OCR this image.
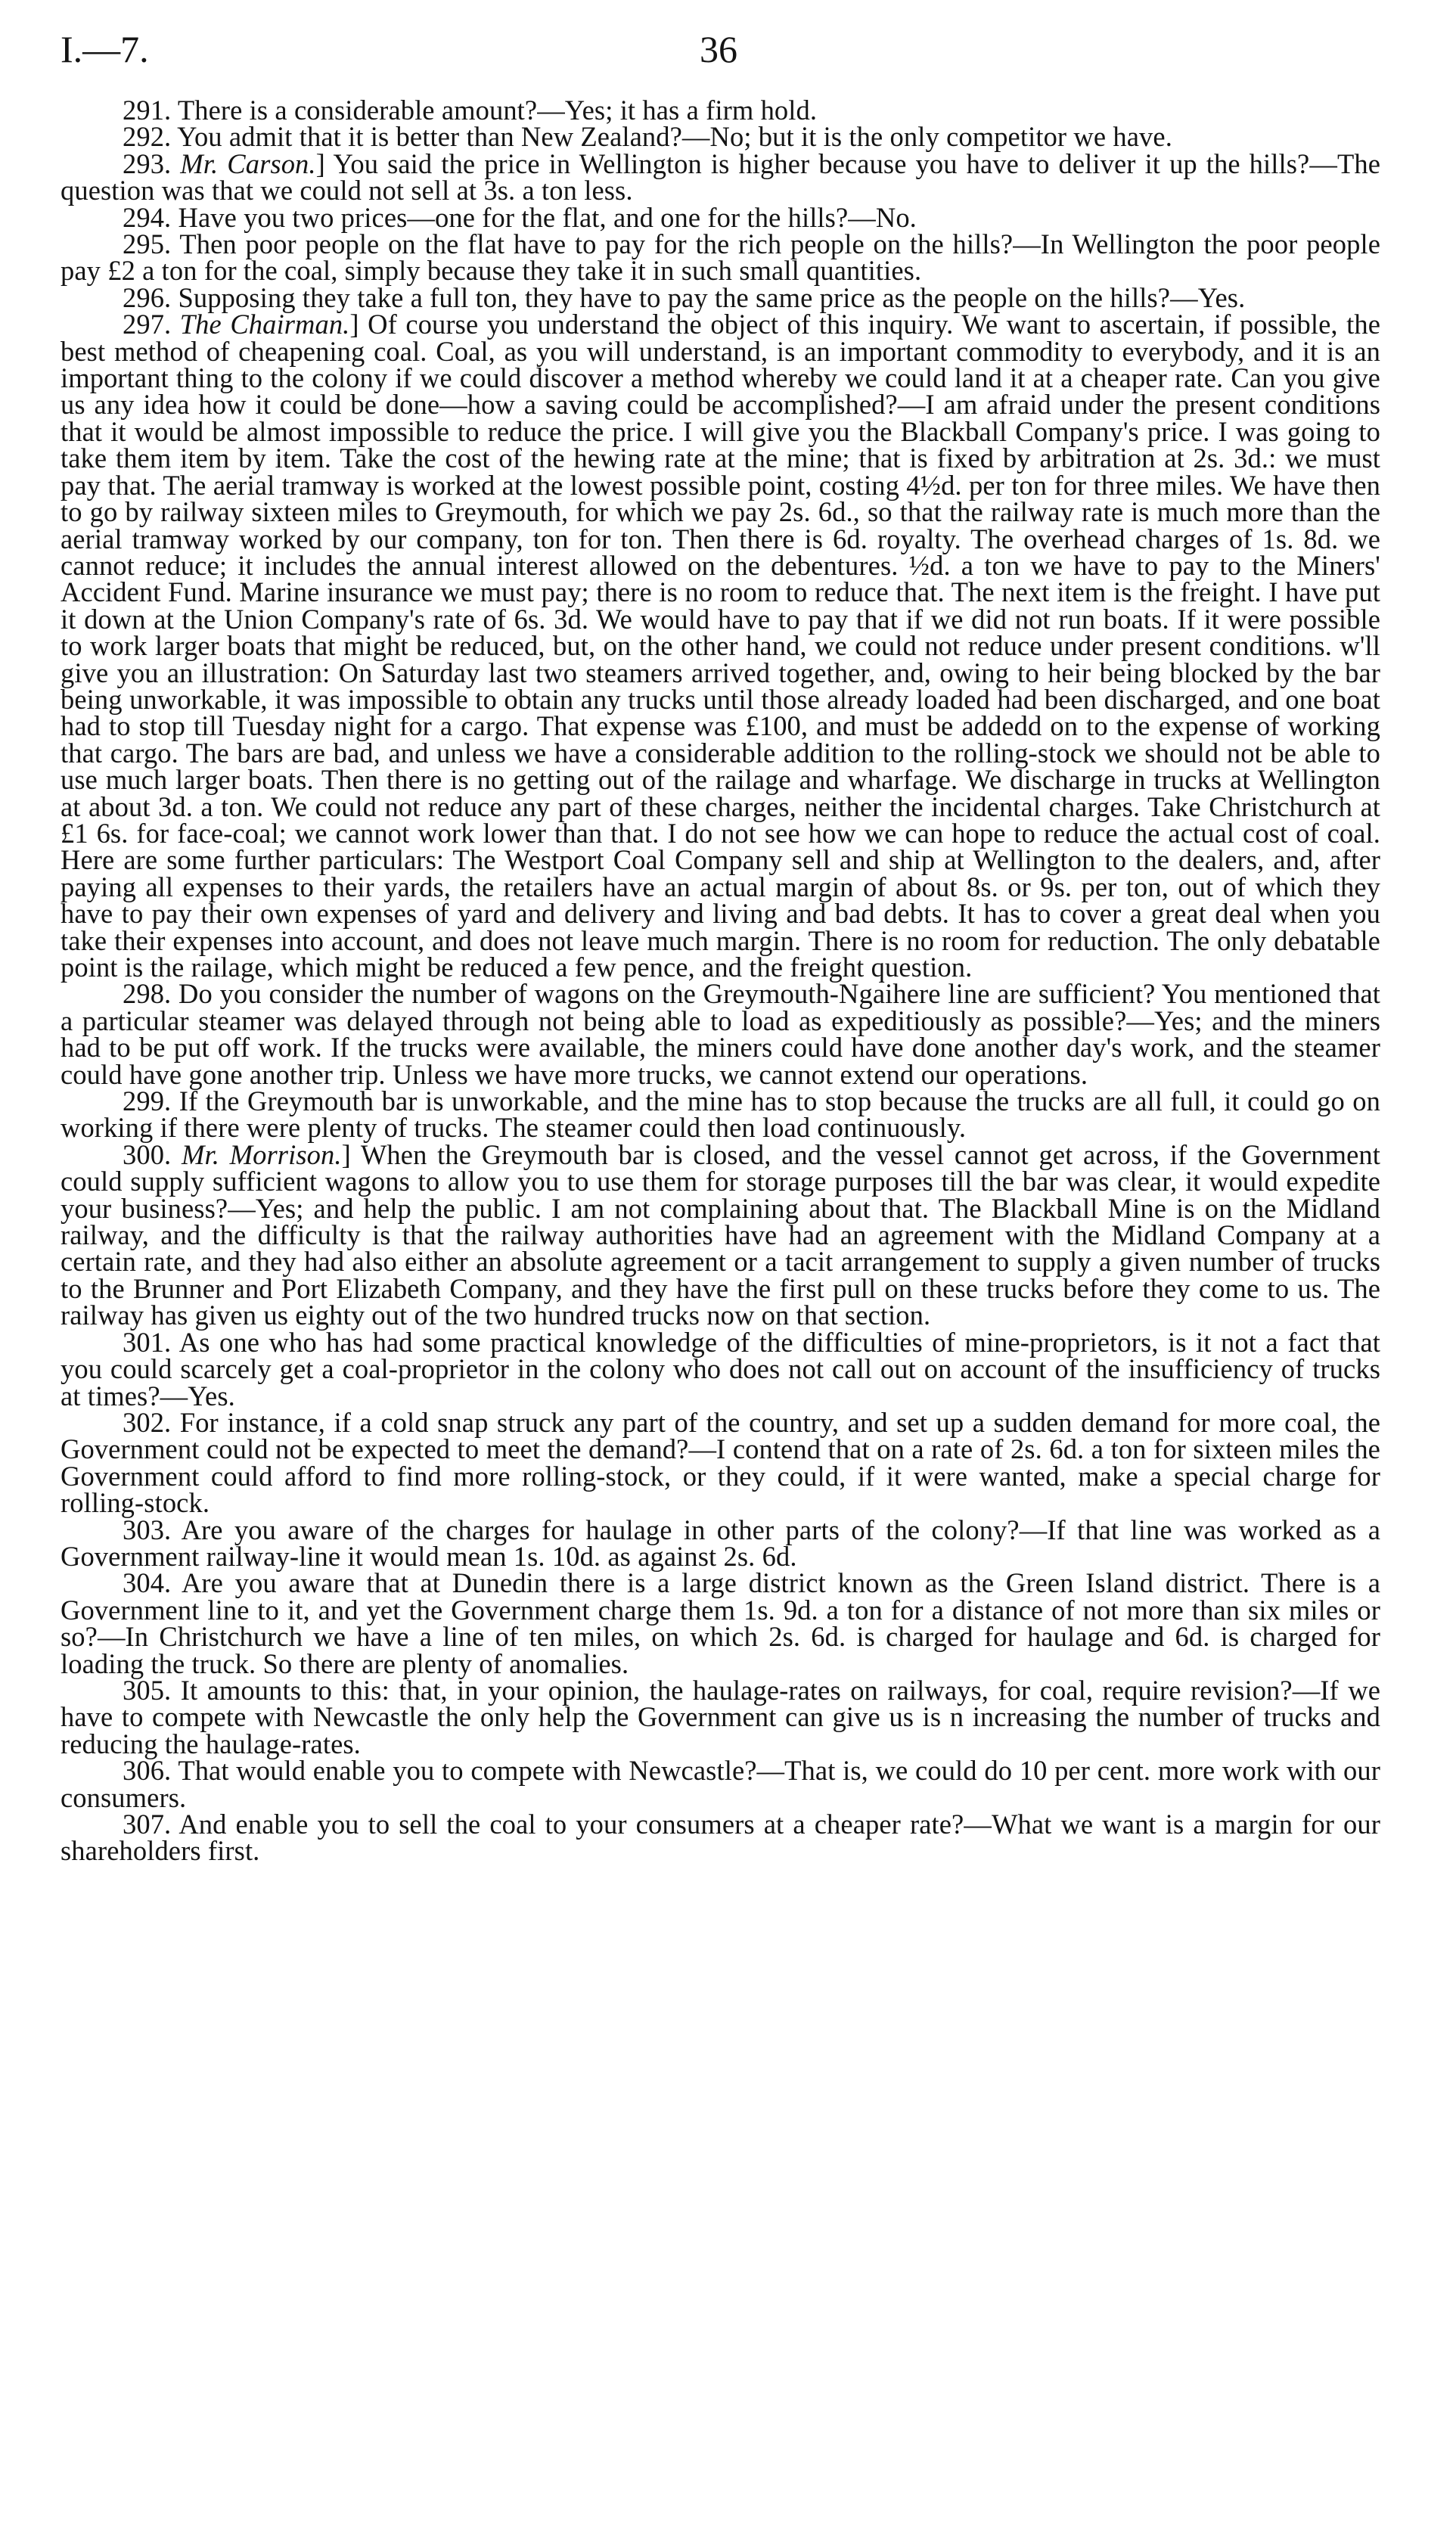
I.—7.	36

291. There is a considerable amount?—Yes; it has a firm hold.

292. You admit that it is better than New Zealand?—No; but it is the only competitor we have.

293. Mr. Carson.] You said the price in Wellington is higher because you have to deliver it up the hills?—The question was that we could not sell at 3s. a ton less.

294. Have you two prices—one for the flat, and one for the hills?—No.

295. Then poor people on the flat have to pay for the rich people on the hills?—In Wellington the poor people pay £2 a ton for the coal, simply because they take it in such small quantities.

296. Supposing they take a full ton, they have to pay the same price as the people on the hills?—Yes.

297. The Chairman.] Of course you understand the object of this inquiry. We want to ascertain, if possible, the best method of cheapening coal. Coal, as you will understand, is an important commodity to everybody, and it is an important thing to the colony if we could discover a method whereby we could land it at a cheaper rate. Can you give us any idea how it could be done—how a saving could be accomplished?—I am afraid under the present conditions that it would be almost impossible to reduce the price. I will give you the Blackball Company's price. I was going to take them item by item. Take the cost of the hewing rate at the mine; that is fixed by arbitration at 2s. 3d.: we must pay that. The aerial tramway is worked at the lowest possible point, costing 4½d. per ton for three miles. We have then to go by railway sixteen miles to Greymouth, for which we pay 2s. 6d., so that the railway rate is much more than the aerial tramway worked by our company, ton for ton. Then there is 6d. royalty. The overhead charges of 1s. 8d. we cannot reduce; it includes the annual interest allowed on the debentures. ½d. a ton we have to pay to the Miners' Accident Fund. Marine insurance we must pay; there is no room to reduce that. The next item is the freight. I have put it down at the Union Company's rate of 6s. 3d. We would have to pay that if we did not run boats. If it were possible to work larger boats that might be reduced, but, on the other hand, we could not reduce under present conditions. w'll give you an illustration: On Saturday last two steamers arrived together, and, owing to heir being blocked by the bar being unworkable, it was impossible to obtain any trucks until those already loaded had been discharged, and one boat had to stop till Tuesday night for a cargo. That expense was £100, and must be addedd on to the expense of working that cargo. The bars are bad, and unless we have a considerable addition to the rolling-stock we should not be able to use much larger boats. Then there is no getting out of the railage and wharfage. We discharge in trucks at Wellington at about 3d. a ton. We could not reduce any part of these charges, neither the incidental charges. Take Christchurch at £1 6s. for face-coal; we cannot work lower than that. I do not see how we can hope to reduce the actual cost of coal. Here are some further particulars: The Westport Coal Company sell and ship at Wellington to the dealers, and, after paying all expenses to their yards, the retailers have an actual margin of about 8s. or 9s. per ton, out of which they have to pay their own expenses of yard and delivery and living and bad debts. It has to cover a great deal when you take their expenses into account, and does not leave much margin. There is no room for reduction. The only debatable point is the railage, which might be reduced a few pence, and the freight question.

298. Do you consider the number of wagons on the Greymouth-Ngaihere line are sufficient? You mentioned that a particular steamer was delayed through not being able to load as expeditiously as possible?—Yes; and the miners had to be put off work. If the trucks were available, the miners could have done another day's work, and the steamer could have gone another trip. Unless we have more trucks, we cannot extend our operations.

299. If the Greymouth bar is unworkable, and the mine has to stop because the trucks are all full, it could go on working if there were plenty of trucks. The steamer could then load continuously.

300. Mr. Morrison.] When the Greymouth bar is closed, and the vessel cannot get across, if the Government could supply sufficient wagons to allow you to use them for storage purposes till the bar was clear, it would expedite your business?—Yes; and help the public. I am not complaining about that. The Blackball Mine is on the Midland railway, and the difficulty is that the railway authorities have had an agreement with the Midland Company at a certain rate, and they had also either an absolute agreement or a tacit arrangement to supply a given number of trucks to the Brunner and Port Elizabeth Company, and they have the first pull on these trucks before they come to us. The railway has given us eighty out of the two hundred trucks now on that section.

301. As one who has had some practical knowledge of the difficulties of mine-proprietors, is it not a fact that you could scarcely get a coal-proprietor in the colony who does not call out on account of the insufficiency of trucks at times?—Yes.

302. For instance, if a cold snap struck any part of the country, and set up a sudden demand for more coal, the Government could not be expected to meet the demand?—I contend that on a rate of 2s. 6d. a ton for sixteen miles the Government could afford to find more rolling-stock, or they could, if it were wanted, make a special charge for rolling-stock.

303. Are you aware of the charges for haulage in other parts of the colony?—If that line was worked as a Government railway-line it would mean 1s. 10d. as against 2s. 6d.

304. Are you aware that at Dunedin there is a large district known as the Green Island district. There is a Government line to it, and yet the Government charge them 1s. 9d. a ton for a distance of not more than six miles or so?—In Christchurch we have a line of ten miles, on which 2s. 6d. is charged for haulage and 6d. is charged for loading the truck. So there are plenty of anomalies.

305. It amounts to this: that, in your opinion, the haulage-rates on railways, for coal, require revision?—If we have to compete with Newcastle the only help the Government can give us is n increasing the number of trucks and reducing the haulage-rates.

306. That would enable you to compete with Newcastle?—That is, we could do 10 per cent. more work with our consumers.

307. And enable you to sell the coal to your consumers at a cheaper rate?—What we want is a margin for our shareholders first.
